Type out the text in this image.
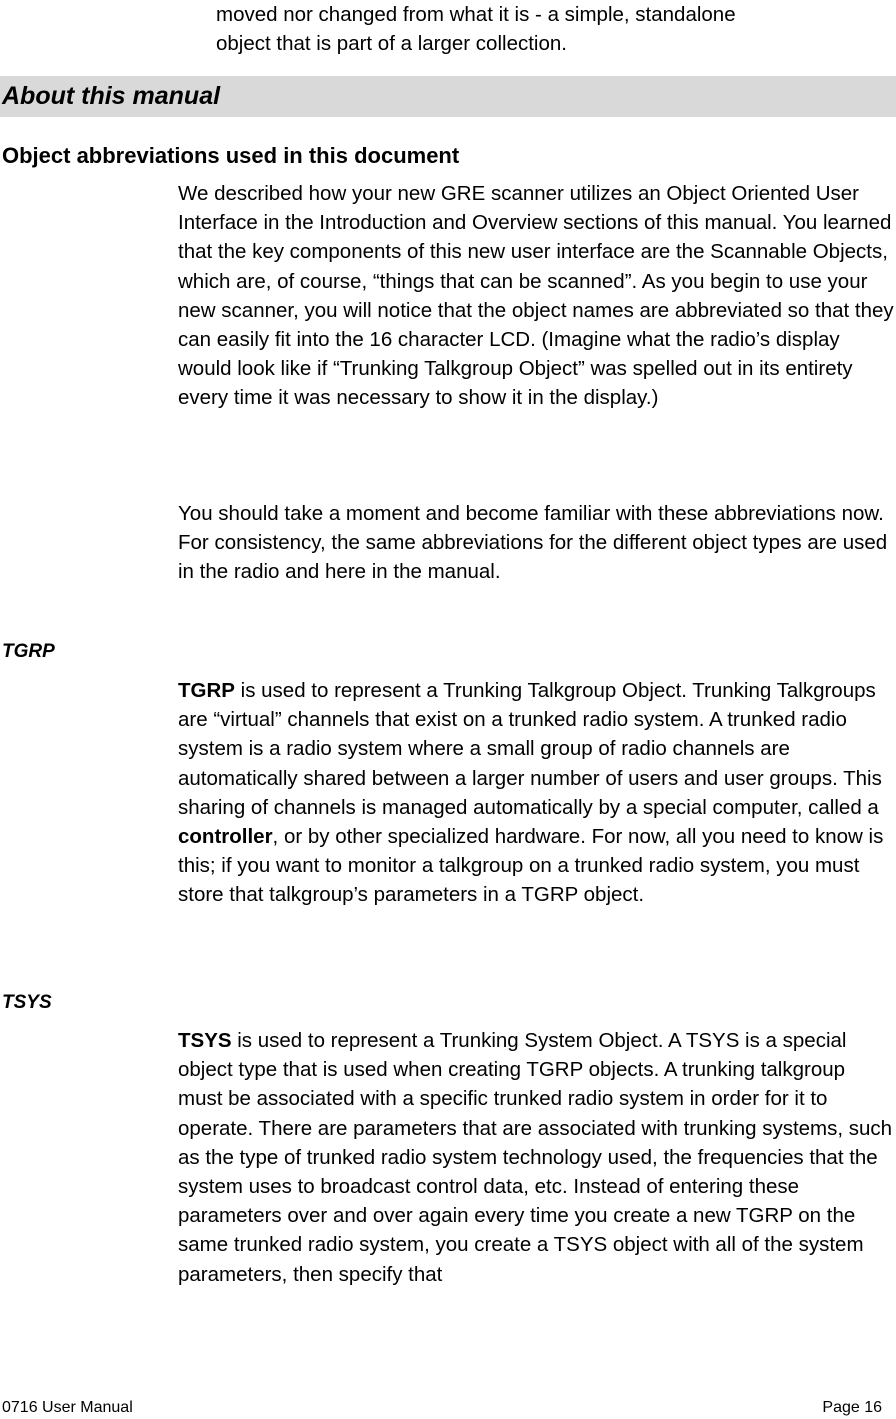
moved nor changed from what it is - a simple, standalone
object that is part of a larger collection.
About this manual
Object abbreviations used in this document

We described how your new GRE scanner utilizes an Object Oriented User Interface in the Introduction and Overview sections of this manual. You learned that the key components of this new user interface are the Scannable Objects, which are, of course, “things that can be scanned”. As you begin to use your new scanner, you will notice that the object names are abbreviated so that they can easily fit into the 16 character LCD. (Imagine what the radio’s display would look like if “Trunking Talkgroup Object” was spelled out in its entirety every time it was necessary to show it in the display.)

You should take a moment and become familiar with these abbreviations now. For consistency, the same abbreviations for the different object types are used in the radio and here in the manual.

TGRP

TGRP is used to represent a Trunking Talkgroup Object. Trunking Talkgroups are “virtual” channels that exist on a trunked radio system. A trunked radio system is a radio system where a small group of radio channels are automatically shared between a larger number of users and user groups. This sharing of channels is managed automatically by a special computer, called a controller, or by other specialized hardware. For now, all you need to know is this; if you want to monitor a talkgroup on a trunked radio system, you must store that talkgroup’s parameters in a TGRP object.

TSYS

TSYS is used to represent a Trunking System Object. A TSYS is a special object type that is used when creating TGRP objects. A trunking talkgroup must be associated with a specific trunked radio system in order for it to operate. There are parameters that are associated with trunking systems, such as the type of trunked radio system technology used, the frequencies that the system uses to broadcast control data, etc. Instead of entering these parameters over and over again every time you create a new TGRP on the same trunked radio system, you create a TSYS object with all of the system parameters, then specify that

0716 User Manual	Page 16
